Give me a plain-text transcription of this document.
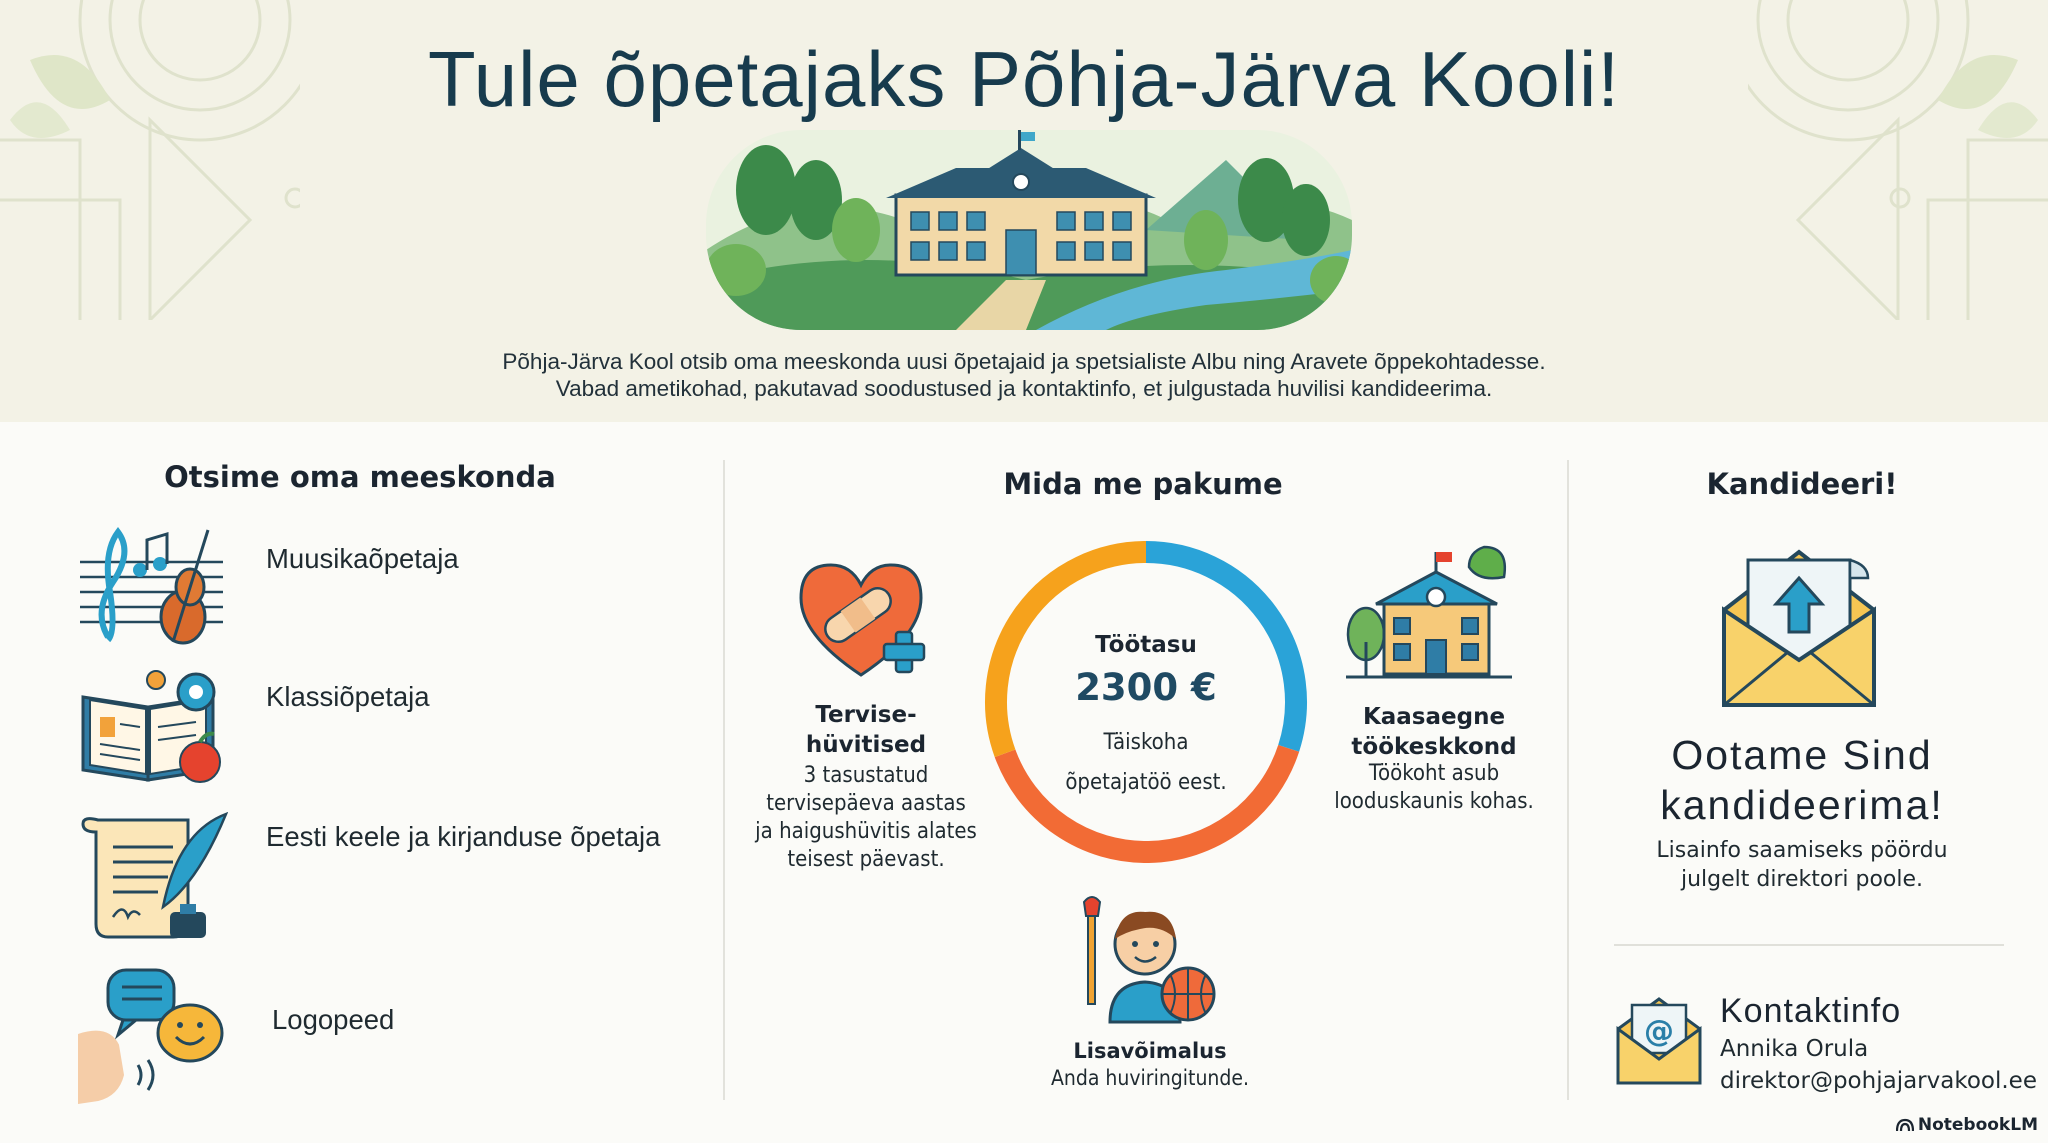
Tule õpetajaks Põhja-Järva Kooli!

Põhja-Järva Kool otsib oma meeskonda uusi õpetajaid ja spetsialiste Albu ning Aravete õppekohtadesse.
Vabad ametikohad, pakutavad soodustused ja kontaktinfo, et julgustada huvilisi kandideerima.

Otsime oma meeskonda
Muusikaõpetaja
Klassiõpetaja
Eesti keele ja kirjanduse õpetaja
Logopeed
Mida me pakume
Töötasu
2300 €
Täiskoha
õpetajatöö eest.
Tervise-
hüvitised
3 tasustatud
tervisepäeva aastas
ja haigushüvitis alates
teisest päevast.
Kaasaegne
töökeskkond
Töökoht asub
looduskaunis kohas.
Lisavõimalus
Anda huviringitunde.
Kandideeri!
Ootame Sind
kandideerima!
Lisainfo saamiseks pöördu
julgelt direktori poole.
@
Kontaktinfo
Annika Orula
direktor@pohjajarvakool.ee
NotebookLM
